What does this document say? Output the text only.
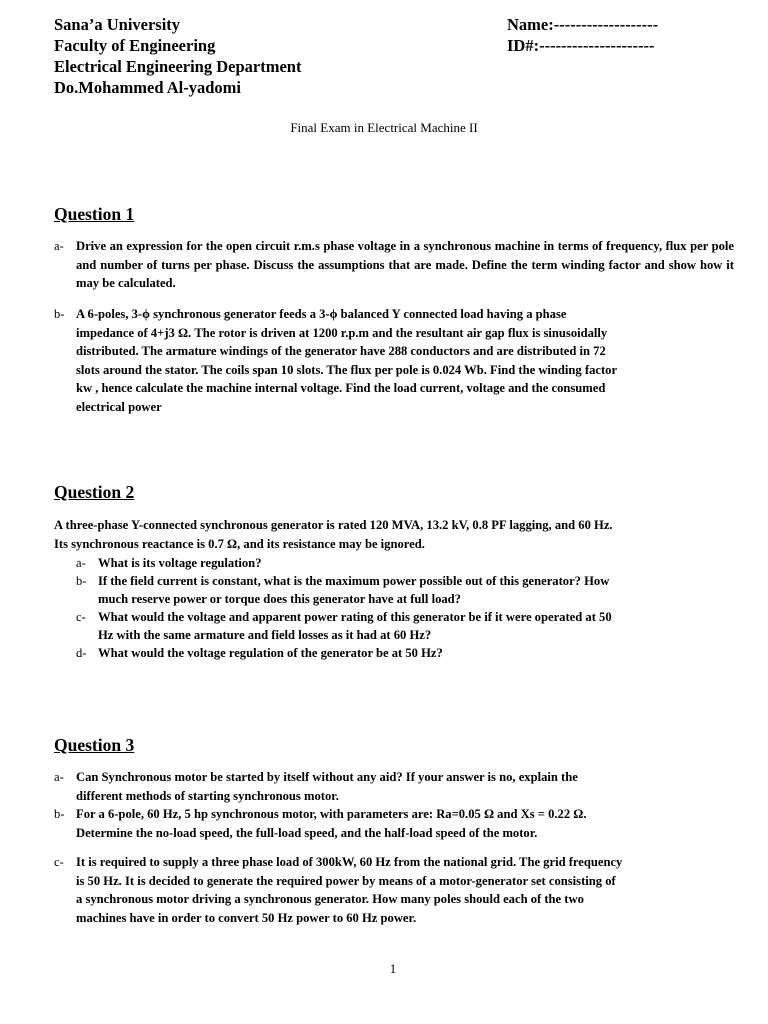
Sana’a University
Faculty of Engineering
Electrical Engineering Department
Do.Mohammed Al-yadomi
Name:-------------------
ID#:---------------------
Final Exam in Electrical Machine II
Question 1
a- Drive an expression for the open circuit r.m.s phase voltage in a synchronous machine in terms of frequency, flux per pole and number of turns per phase. Discuss the assumptions that are made. Define the term winding factor and show how it may be calculated.
b- A 6-poles, 3-ϕ synchronous generator feeds a 3-ϕ balanced Y connected load having a phase
impedance of 4+j3 Ω. The rotor is driven at 1200 r.p.m and the resultant air gap flux is sinusoidally
distributed. The armature windings of the generator have 288 conductors and are distributed in 72
slots around the stator. The coils span 10 slots. The flux per pole is 0.024 Wb. Find the winding factor
kw , hence calculate the machine internal voltage. Find the load current, voltage and the consumed
electrical power
Question 2
A three-phase Y-connected synchronous generator is rated 120 MVA, 13.2 kV, 0.8 PF lagging, and 60 Hz.
Its synchronous reactance is 0.7 Ω, and its resistance may be ignored.
a- What is its voltage regulation?
b- If the field current is constant, what is the maximum power possible out of this generator? How
much reserve power or torque does this generator have at full load?
c- What would the voltage and apparent power rating of this generator be if it were operated at 50
Hz with the same armature and field losses as it had at 60 Hz?
d- What would the voltage regulation of the generator be at 50 Hz?
Question 3
a- Can Synchronous motor be started by itself without any aid? If your answer is no, explain the
different methods of starting synchronous motor.
b- For a 6-pole, 60 Hz, 5 hp synchronous motor, with parameters are: Ra=0.05 Ω and Xs = 0.22 Ω.
Determine the no-load speed, the full-load speed, and the half-load speed of the motor.
c- It is required to supply a three phase load of 300kW, 60 Hz from the national grid. The grid frequency
is 50 Hz. It is decided to generate the required power by means of a motor-generator set consisting of
a synchronous motor driving a synchronous generator. How many poles should each of the two
machines have in order to convert 50 Hz power to 60 Hz power.
1
